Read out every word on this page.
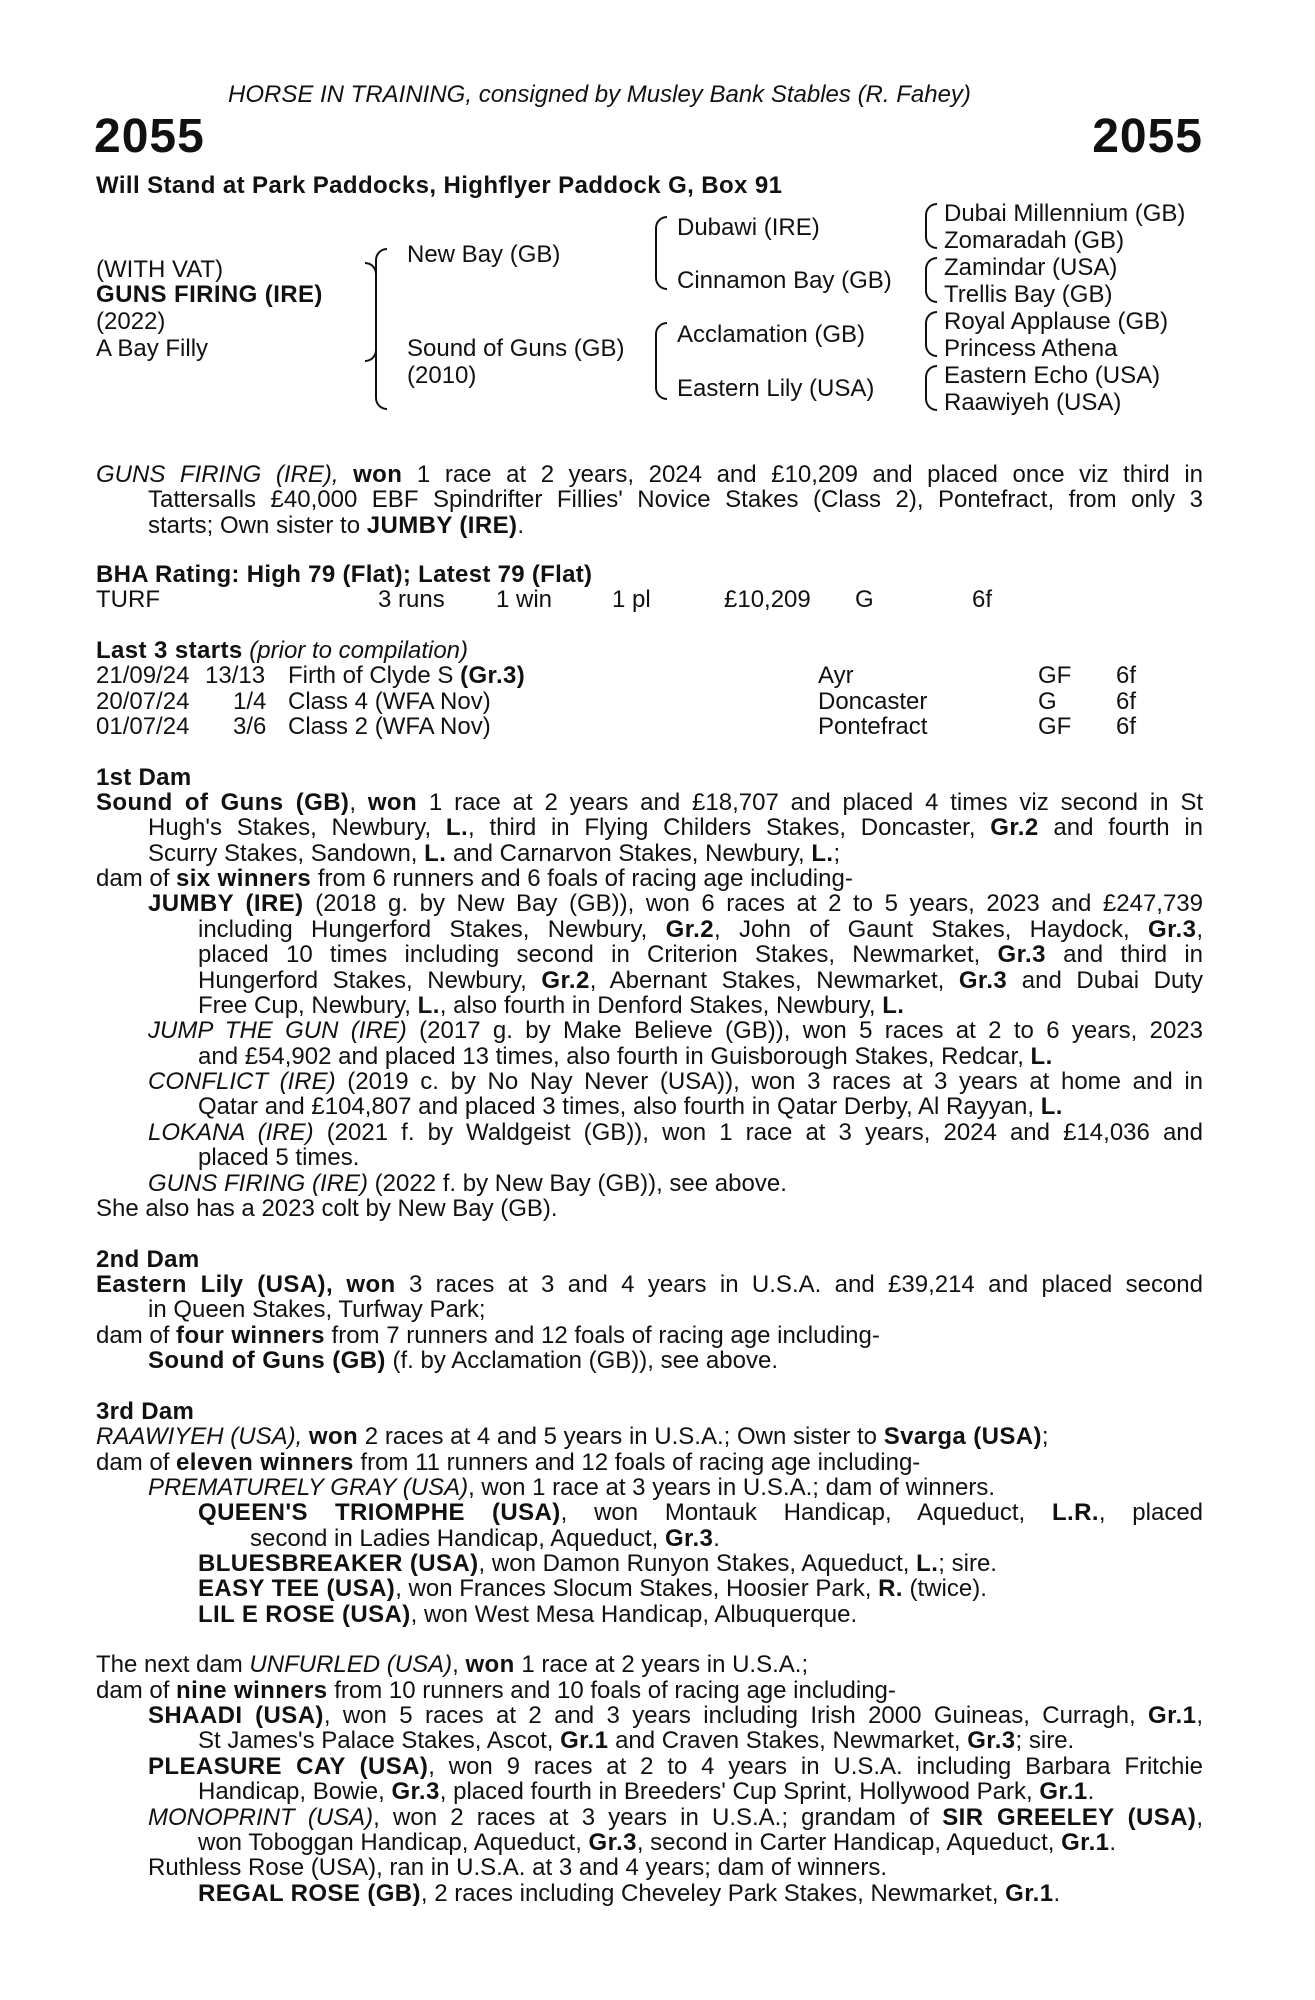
HORSE IN TRAINING, consigned by Musley Bank Stables (R. Fahey)
2055	2055
Will Stand at Park Paddocks, Highflyer Paddock G, Box 91
(WITH VAT)
GUNS FIRING (IRE)
(2022)
A Bay Filly
New Bay (GB)
Sound of Guns (GB)
(2010)
Dubawi (IRE)
Cinnamon Bay (GB)
Acclamation (GB)
Eastern Lily (USA)
Dubai Millennium (GB)
Zomaradah (GB)
Zamindar (USA)
Trellis Bay (GB)
Royal Applause (GB)
Princess Athena
Eastern Echo (USA)
Raawiyeh (USA)
GUNS FIRING (IRE), won 1 race at 2 years, 2024 and £10,209 and placed once viz third in
Tattersalls £40,000 EBF Spindrifter Fillies' Novice Stakes (Class 2), Pontefract, from only 3
starts; Own sister to JUMBY (IRE).
BHA Rating: High 79 (Flat); Latest 79 (Flat)
TURF	3 runs 1 win 1 pl	£10,209 G	6f
Last 3 starts (prior to compilation)
21/09/24 13/13 Firth of Clyde S (Gr.3)	Ayr	GF 6f
20/07/24 1/4 Class 4 (WFA Nov)	Doncaster	G 6f
01/07/24 3/6 Class 2 (WFA Nov)	Pontefract	GF 6f
1st Dam
Sound of Guns (GB), won 1 race at 2 years and £18,707 and placed 4 times viz second in St
Hugh's Stakes, Newbury, L., third in Flying Childers Stakes, Doncaster, Gr.2 and fourth in
Scurry Stakes, Sandown, L. and Carnarvon Stakes, Newbury, L.;
dam of six winners from 6 runners and 6 foals of racing age including-
JUMBY (IRE) (2018 g. by New Bay (GB)), won 6 races at 2 to 5 years, 2023 and £247,739
including Hungerford Stakes, Newbury, Gr.2, John of Gaunt Stakes, Haydock, Gr.3,
placed 10 times including second in Criterion Stakes, Newmarket, Gr.3 and third in
Hungerford Stakes, Newbury, Gr.2, Abernant Stakes, Newmarket, Gr.3 and Dubai Duty
Free Cup, Newbury, L., also fourth in Denford Stakes, Newbury, L.
JUMP THE GUN (IRE) (2017 g. by Make Believe (GB)), won 5 races at 2 to 6 years, 2023
and £54,902 and placed 13 times, also fourth in Guisborough Stakes, Redcar, L.
CONFLICT (IRE) (2019 c. by No Nay Never (USA)), won 3 races at 3 years at home and in
Qatar and £104,807 and placed 3 times, also fourth in Qatar Derby, Al Rayyan, L.
LOKANA (IRE) (2021 f. by Waldgeist (GB)), won 1 race at 3 years, 2024 and £14,036 and
placed 5 times.
GUNS FIRING (IRE) (2022 f. by New Bay (GB)), see above.
She also has a 2023 colt by New Bay (GB).
2nd Dam
Eastern Lily (USA), won 3 races at 3 and 4 years in U.S.A. and £39,214 and placed second
in Queen Stakes, Turfway Park;
dam of four winners from 7 runners and 12 foals of racing age including-
Sound of Guns (GB) (f. by Acclamation (GB)), see above.
3rd Dam
RAAWIYEH (USA), won 2 races at 4 and 5 years in U.S.A.; Own sister to Svarga (USA);
dam of eleven winners from 11 runners and 12 foals of racing age including-
PREMATURELY GRAY (USA), won 1 race at 3 years in U.S.A.; dam of winners.
QUEEN'S TRIOMPHE (USA), won Montauk Handicap, Aqueduct, L.R., placed
second in Ladies Handicap, Aqueduct, Gr.3.
BLUESBREAKER (USA), won Damon Runyon Stakes, Aqueduct, L.; sire.
EASY TEE (USA), won Frances Slocum Stakes, Hoosier Park, R. (twice).
LIL E ROSE (USA), won West Mesa Handicap, Albuquerque.
The next dam UNFURLED (USA), won 1 race at 2 years in U.S.A.;
dam of nine winners from 10 runners and 10 foals of racing age including-
SHAADI (USA), won 5 races at 2 and 3 years including Irish 2000 Guineas, Curragh, Gr.1,
St James's Palace Stakes, Ascot, Gr.1 and Craven Stakes, Newmarket, Gr.3; sire.
PLEASURE CAY (USA), won 9 races at 2 to 4 years in U.S.A. including Barbara Fritchie
Handicap, Bowie, Gr.3, placed fourth in Breeders' Cup Sprint, Hollywood Park, Gr.1.
MONOPRINT (USA), won 2 races at 3 years in U.S.A.; grandam of SIR GREELEY (USA),
won Toboggan Handicap, Aqueduct, Gr.3, second in Carter Handicap, Aqueduct, Gr.1.
Ruthless Rose (USA), ran in U.S.A. at 3 and 4 years; dam of winners.
REGAL ROSE (GB), 2 races including Cheveley Park Stakes, Newmarket, Gr.1.
